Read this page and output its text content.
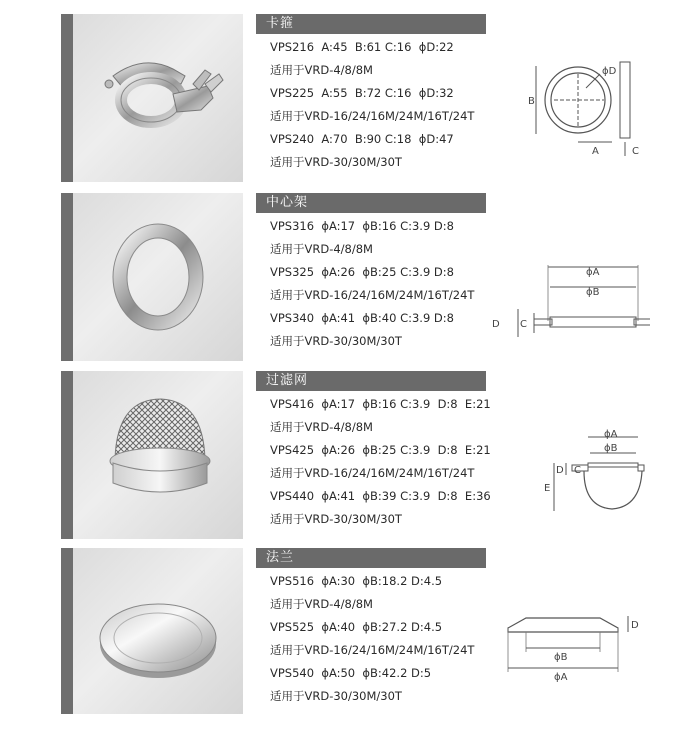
卡箍
VPS216  A:45  B:61 C:16  ϕD:22
适用于VRD-4/8/8M
VPS225  A:55  B:72 C:16  ϕD:32
适用于VRD-16/24/16M/24M/16T/24T
VPS240  A:70  B:90 C:18  ϕD:47
适用于VRD-30/30M/30T
ϕD
B
A	C
中心架
VPS316  ϕA:17  ϕB:16 C:3.9 D:8
适用于VRD-4/8/8M
VPS325  ϕA:26  ϕB:25 C:3.9 D:8
适用于VRD-16/24/16M/24M/16T/24T
VPS340  ϕA:41  ϕB:40 C:3.9 D:8
适用于VRD-30/30M/30T
ϕA
ϕB
D C
过滤网
VPS416  ϕA:17  ϕB:16 C:3.9  D:8  E:21
适用于VRD-4/8/8M
VPS425  ϕA:26  ϕB:25 C:3.9  D:8  E:21
适用于VRD-16/24/16M/24M/16T/24T
VPS440  ϕA:41  ϕB:39 C:3.9  D:8  E:36
适用于VRD-30/30M/30T
ϕA
ϕB
E
D C
法兰
VPS516  ϕA:30  ϕB:18.2 D:4.5
适用于VRD-4/8/8M
VPS525  ϕA:40  ϕB:27.2 D:4.5
适用于VRD-16/24/16M/24M/16T/24T
VPS540  ϕA:50  ϕB:42.2 D:5
适用于VRD-30/30M/30T
ϕB
ϕA
D
